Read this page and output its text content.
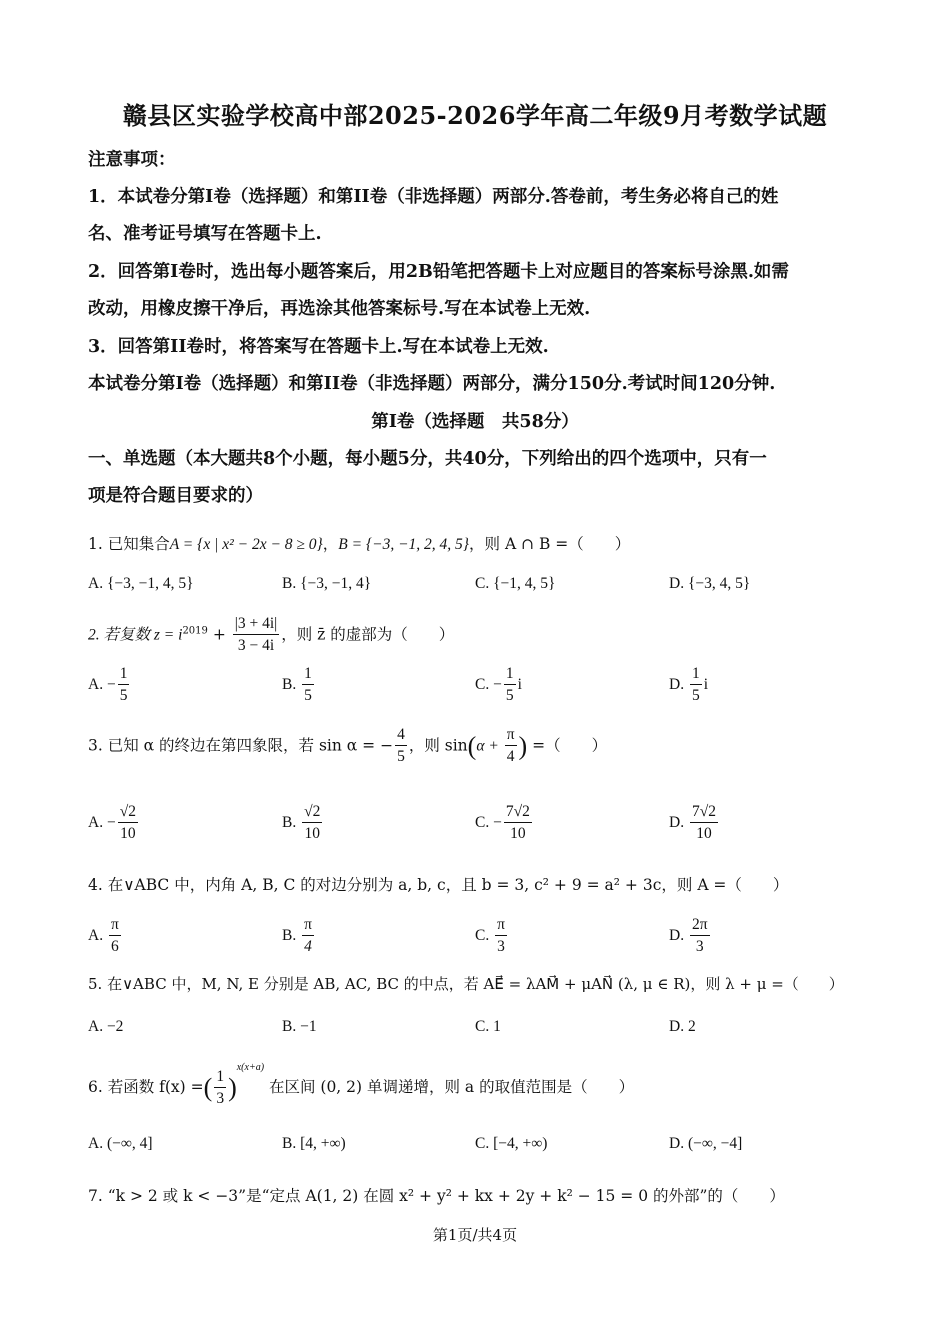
赣县区实验学校高中部2025-2026学年高二年级9月考数学试题
注意事项：
1．本试卷分第I卷（选择题）和第II卷（非选择题）两部分.答卷前，考生务必将自己的姓
名、准考证号填写在答题卡上.
2．回答第I卷时，选出每小题答案后，用2B铅笔把答题卡上对应题目的答案标号涂黑.如需
改动，用橡皮擦干净后，再选涂其他答案标号.写在本试卷上无效.
3．回答第II卷时，将答案写在答题卡上.写在本试卷上无效.
本试卷分第I卷（选择题）和第II卷（非选择题）两部分，满分150分.考试时间120分钟.
第I卷（选择题　共58分）
一、单选题（本大题共8个小题，每小题5分，共40分，下列给出的四个选项中，只有一
项是符合题目要求的）
1. 已知集合A = {x | x² − 2x − 8 ≥ 0}，B = {−3, −1, 2, 4, 5}，则 A ∩ B =（　　）
A. {−3, −1, 4, 5}	B. {−3, −1, 4}	C. {−1, 4, 5}	D. {−3, 4, 5}
2. 若复数 $z = i^{2019} + \frac{|3 + 4i|}{3 - 4i}$ ，则 z̄ 的虚部为（　　）
A. − $\frac{1}{5}$	B. $\frac{1}{5}$	C. − $\frac{1}{5}$ i	D. $\frac{1}{5}$ i
3. 已知 α 的终边在第四象限，若 sin α = − $\frac{4}{5}$ ，则 $\sin(\alpha + \frac{\pi}{4}$ ) =（　　）
A. − $\frac{√2}{10}$	B. $\frac{√2}{10}$	C. − $\frac{7√2}{10}$	D. $\frac{7√2}{10}$
4. 在∨ABC 中，内角 A, B, C 的对边分别为 a, b, c，且 b = 3, c² + 9 = a² + 3c，则 A =（　　）
A. $\frac{\pi}{6}$	B. $\frac{\pi}{4}$	C. $\frac{\pi}{3}$	D. $\frac{2\pi}{3}$
5. 在∨ABC 中，M, N, E 分别是 AB, AC, BC 的中点，若 AE⃗ = λAM⃗ + μAN⃗ (λ, μ ∈ R)，则 λ + μ =（　　）
A. −2	B. −1	C. 1	D. 2
6. 若函数 f(x) =( $\frac{1}{3} )^{x(x+a)}$ 在区间 (0, 2) 单调递增，则 a 的取值范围是（　　）
A. (−∞, 4]	B. [4, +∞)	C. [−4, +∞)	D. (−∞, −4]
7. “k > 2 或 k < −3”是“定点 A(1, 2) 在圆 x² + y² + kx + 2y + k² − 15 = 0 的外部”的（　　）
第1页/共4页
